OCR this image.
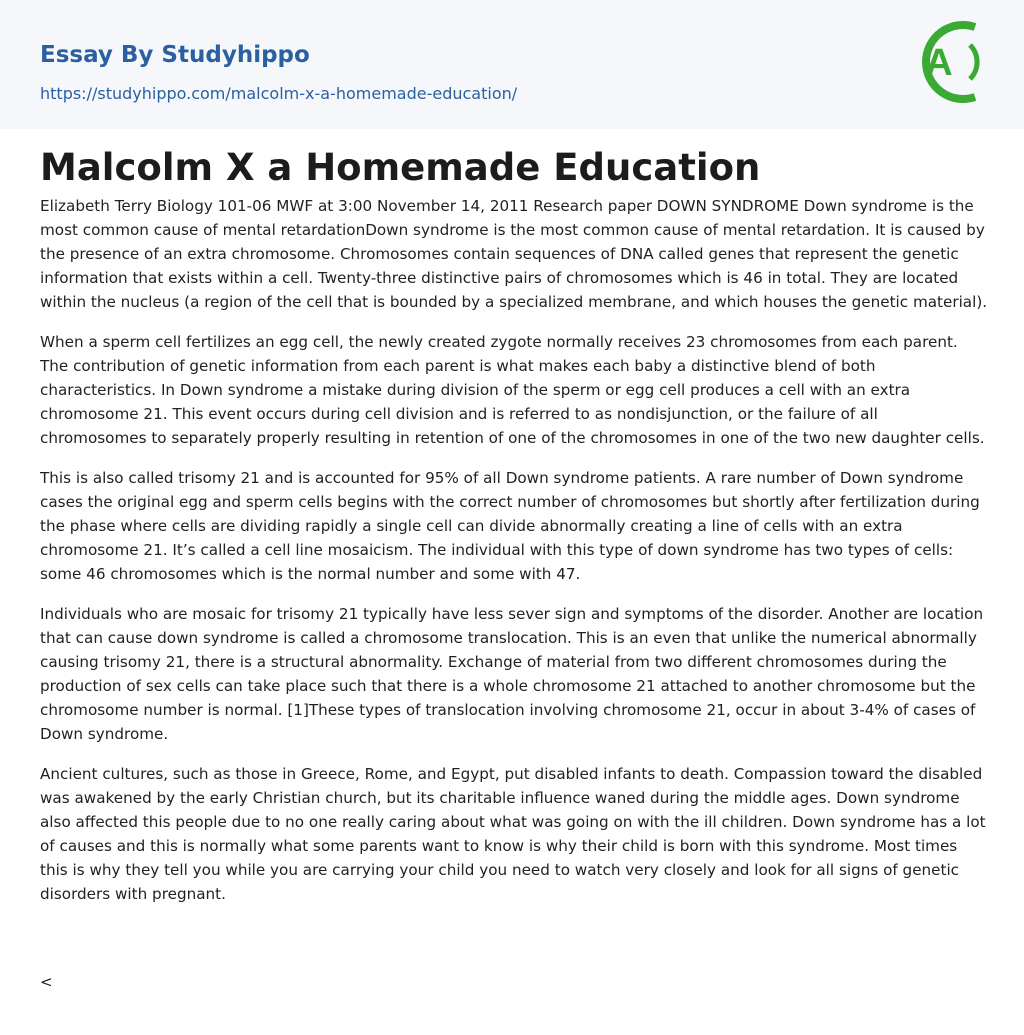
Essay By Studyhippo
https://studyhippo.com/malcolm-x-a-homemade-education/
A
Malcolm X a Homemade Education

Elizabeth Terry Biology 101-06 MWF at 3:00 November 14, 2011 Research paper DOWN SYNDROME Down syndrome is the most common cause of mental retardationDown syndrome is the most common cause of mental retardation. It is caused by the presence of an extra chromosome. Chromosomes contain sequences of DNA called genes that represent the genetic information that exists within a cell. Twenty-three distinctive pairs of chromosomes which is 46 in total. They are located within the nucleus (a region of the cell that is bounded by a specialized membrane, and which houses the genetic material).

When a sperm cell fertilizes an egg cell, the newly created zygote normally receives 23 chromosomes from each parent. The contribution of genetic information from each parent is what makes each baby a distinctive blend of both characteristics. In Down syndrome a mistake during division of the sperm or egg cell produces a cell with an extra chromosome 21. This event occurs during cell division and is referred to as nondisjunction, or the failure of all chromosomes to separately properly resulting in retention of one of the chromosomes in one of the two new daughter cells.

This is also called trisomy 21 and is accounted for 95% of all Down syndrome patients. A rare number of Down syndrome cases the original egg and sperm cells begins with the correct number of chromosomes but shortly after fertilization during the phase where cells are dividing rapidly a single cell can divide abnormally creating a line of cells with an extra chromosome 21. It’s called a cell line mosaicism. The individual with this type of down syndrome has two types of cells: some 46 chromosomes which is the normal number and some with 47.

Individuals who are mosaic for trisomy 21 typically have less sever sign and symptoms of the disorder. Another are location that can cause down syndrome is called a chromosome translocation. This is an even that unlike the numerical abnormally causing trisomy 21, there is a structural abnormality. Exchange of material from two different chromosomes during the production of sex cells can take place such that there is a whole chromosome 21 attached to another chromosome but the chromosome number is normal. [1]These types of translocation involving chromosome 21, occur in about 3-4% of cases of Down syndrome.

Ancient cultures, such as those in Greece, Rome, and Egypt, put disabled infants to death. Compassion toward the disabled was awakened by the early Christian church, but its charitable influence waned during the middle ages. Down syndrome also affected this people due to no one really caring about what was going on with the ill children. Down syndrome has a lot of causes and this is normally what some parents want to know is why their child is born with this syndrome. Most times this is why they tell you while you are carrying your child you need to watch very closely and look for all signs of genetic disorders with pregnant.

<
